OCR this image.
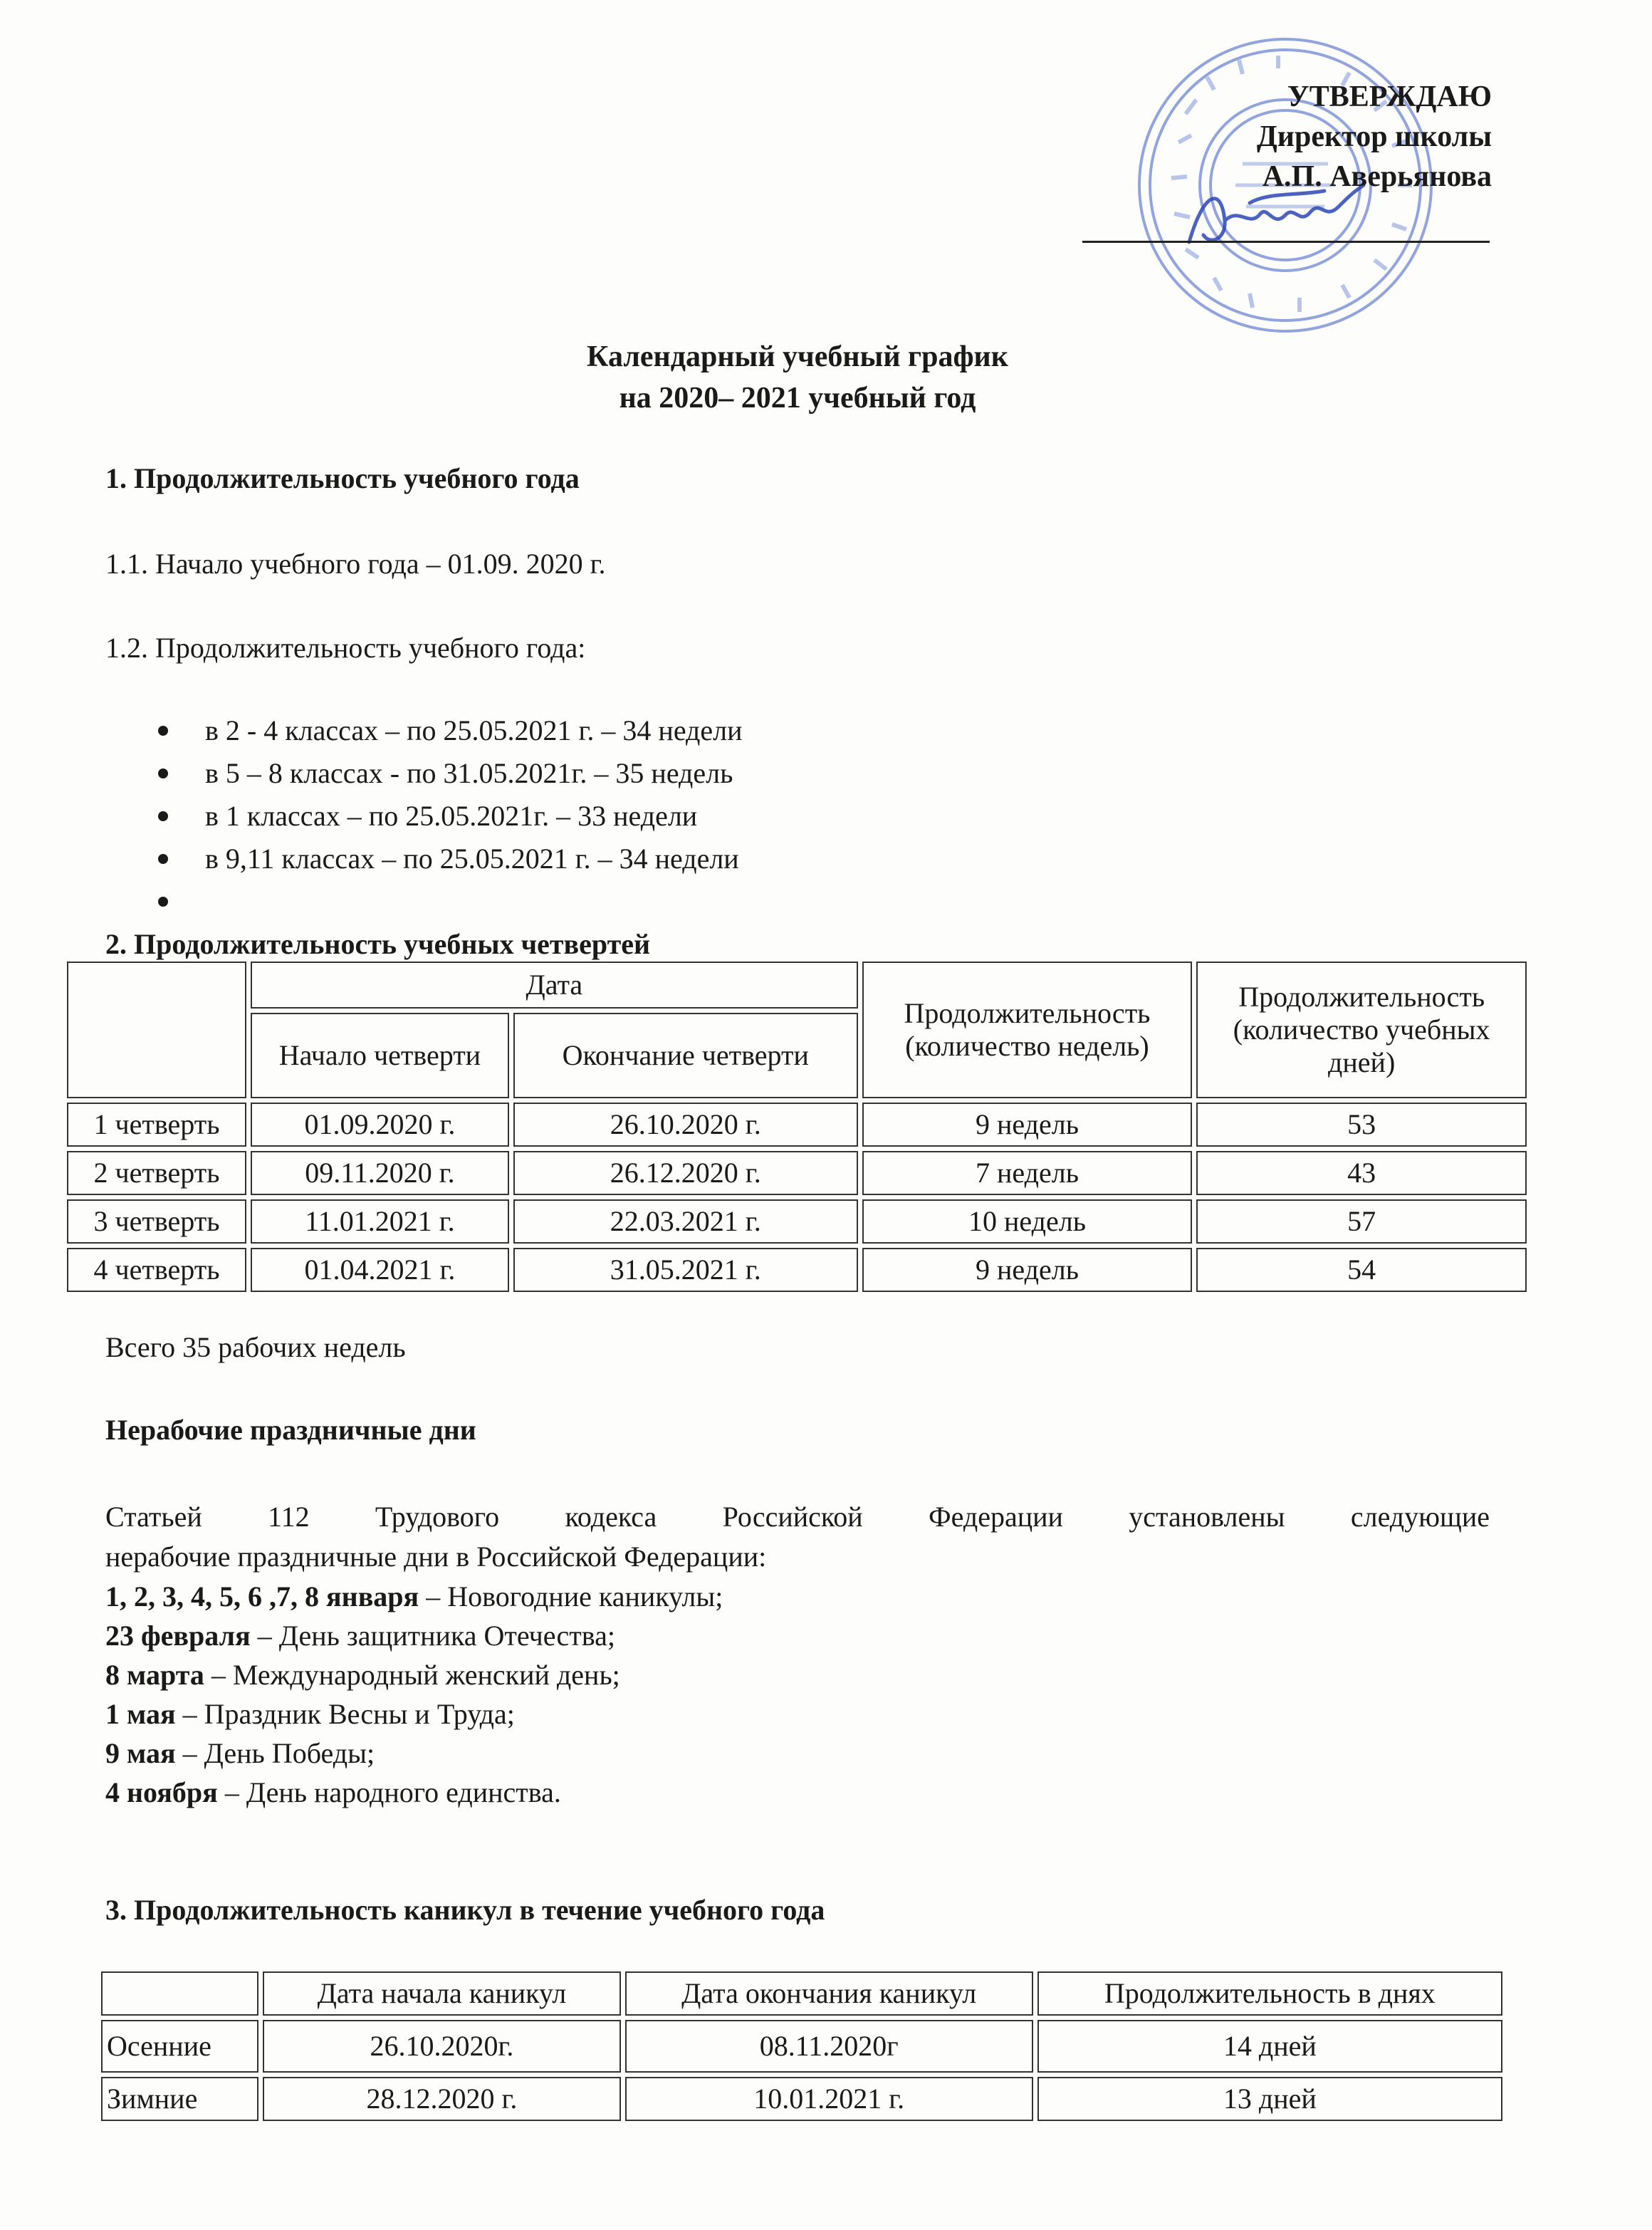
УТВЕРЖДАЮ
Директор школы
А.П. Аверьянова
Календарный учебный график
на 2020– 2021 учебный год
1. Продолжительность учебного года
1.1. Начало учебного года – 01.09. 2020 г.
1.2. Продолжительность учебного года:
в 2 - 4 классах – по 25.05.2021 г. – 34 недели
в 5 – 8 классах - по 31.05.2021г. – 35 недель
в 1 классах – по 25.05.2021г. – 33 недели
в 9,11 классах – по 25.05.2021 г. – 34 недели
2. Продолжительность учебных четвертей
	Дата		Продолжительность (количество недель)	Продолжительность (количество учебных дней)
	Начало четверти	Окончание четверти		
1 четверть	01.09.2020 г.	26.10.2020 г.	9 недель	53
2 четверть	09.11.2020 г.	26.12.2020 г.	7 недель	43
3 четверть	11.01.2021 г.	22.03.2021 г.	10 недель	57
4 четверть	01.04.2021 г.	31.05.2021 г.	9 недель	54
Всего 35 рабочих недель
Нерабочие праздничные дни
Статьей 112 Трудового кодекса Российской Федерации установлены следующие
нерабочие праздничные дни в Российской Федерации:
1, 2, 3, 4, 5, 6 ,7, 8 января – Новогодние каникулы;
23 февраля – День защитника Отечества;
8 марта – Международный женский день;
1 мая – Праздник Весны и Труда;
9 мая – День Победы;
4 ноября – День народного единства.
3. Продолжительность каникул в течение учебного года
	Дата начала каникул	Дата окончания каникул	Продолжительность в днях
Осенние	26.10.2020г.	08.11.2020г	14 дней
Зимние	28.12.2020 г.	10.01.2021 г.	13 дней
